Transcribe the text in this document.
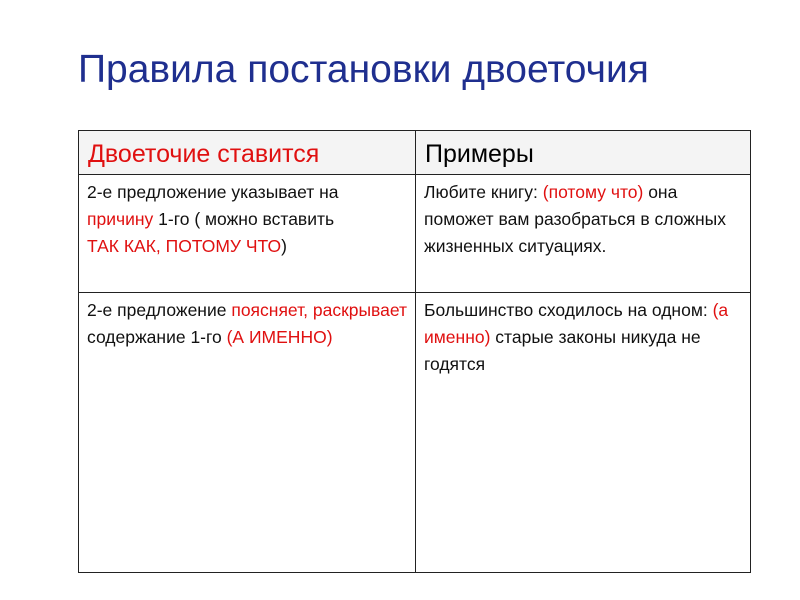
Правила постановки двоеточия
Двоеточие ставится	Примеры

2-е предложение указывает на
причину 1-го ( можно вставить
ТАК КАК, ПОТОМУ ЧТО)	Любите книгу: (потому что) она поможет вам разобраться в сложных жизненных ситуациях.

2-е предложение поясняет, раскрывает содержание 1-го (А ИМЕННО)	Большинство сходилось на одном: (а именно) старые законы никуда не годятся
